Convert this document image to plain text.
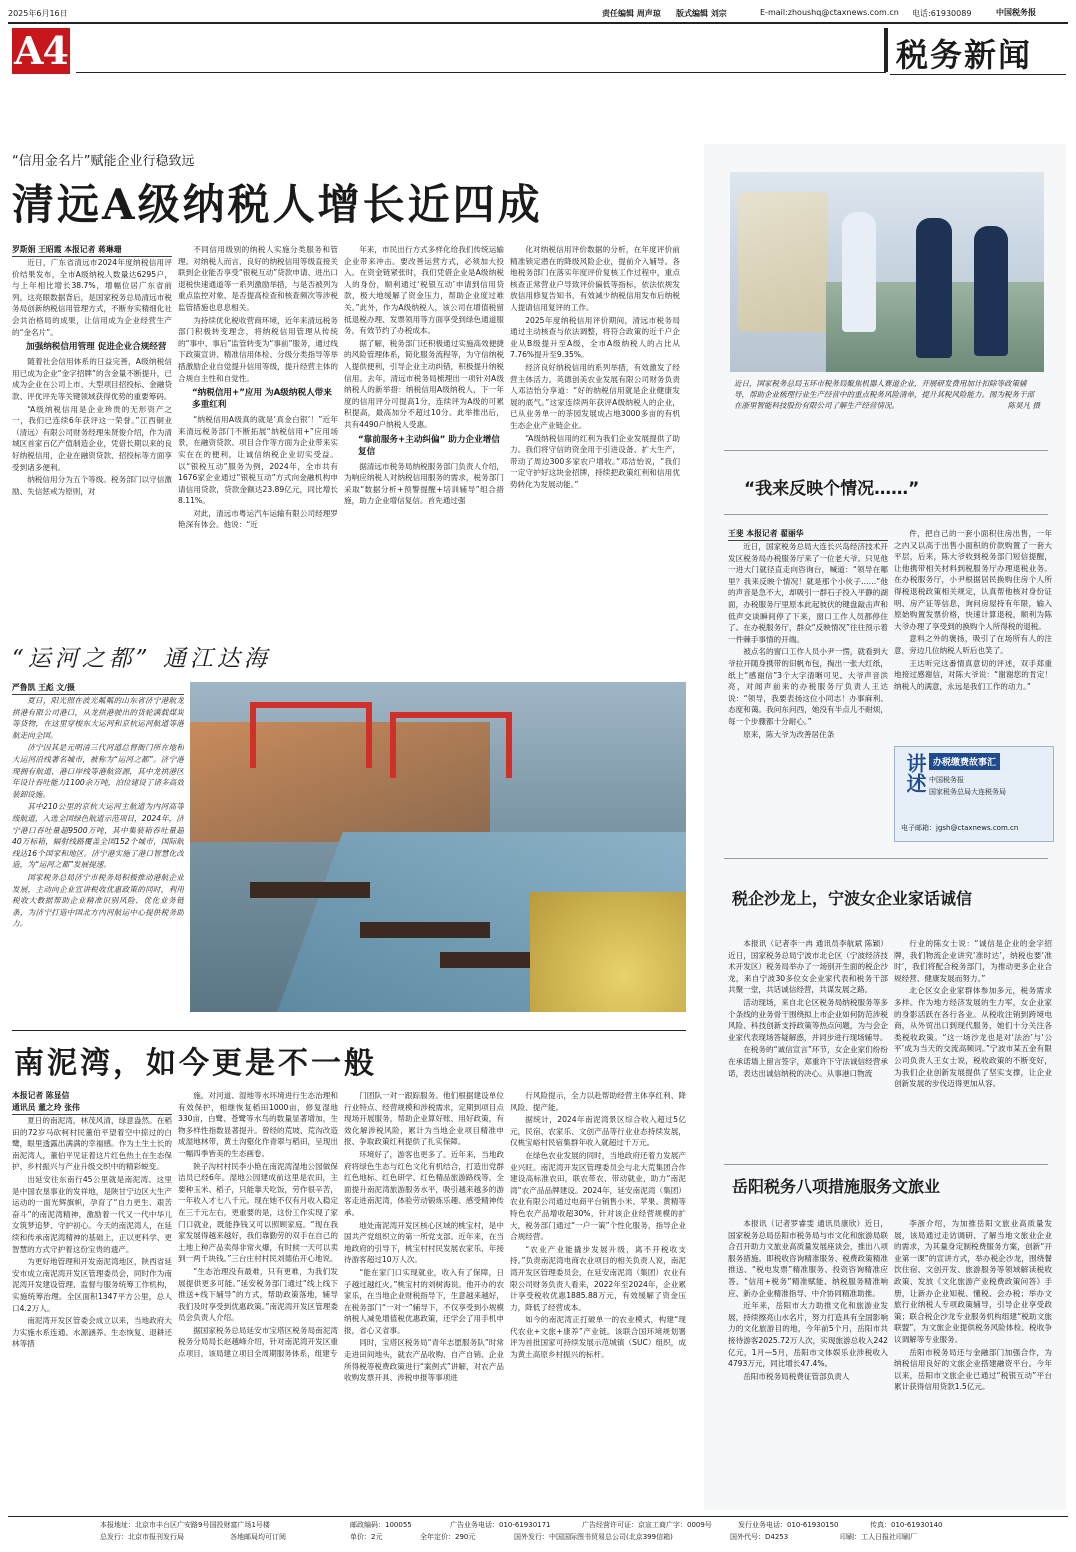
2025年6月16日	责任编辑 周声琼 版式编辑 刘宗	E-mail:zhoushq@ctaxnews.com.cn 电话:61930089	中国税务报
A4	税务新闻
“信用金名片”赋能企业行稳致远
清远A级纳税人增长近四成
罗斯娟 王昭霞 本报记者 蒋琳珊

近日，广东省清远市2024年度纳税信用评价结果发布，全市A级纳税人数量达6295户，与上年相比增长38.7%，增幅位居广东省前列。这亮眼数据背后，是国家税务总局清远市税务局创新纳税信用管理方式，不断夯实精细化社会共治格局的成果，让信用成为企业经营生产的“金名片”。

加强纳税信用管理 促进企业合规经营

随着社会信用体系的日益完善，A级纳税信用已成为企业“金字招牌”的含金量不断提升，已成为企业在公司上市、大型项目招投标、金融贷款、评优评先等关键领域获得优势的重要筹码。

“A级纳税信用是企业珍贵的无形资产之一，我们已连续6年获评这一荣誉。”江西铜业（清远）有限公司财务经理朱贤俊介绍，作为清城区首家百亿产值制造企业，凭借长期以来的良好纳税信用，企业在融资贷款、招投标等方面享受到诸多便利。

纳税信用分为五个等级。税务部门以守信激励、失信惩戒为原则，对

不同信用级别的纳税人实施分类服务和管理。对纳税人而言，良好的纳税信用等级直接关联到企业能否享受“银税互动”贷款申请、进出口退税快速通道等一系列激励举措，与是否被列为重点监控对象、是否提高检查和核查频次等涉税监管措施也息息相关。

为持续优化税收营商环境，近年来清远税务部门积极转变理念，将纳税信用管理从传统的“事中、事后”监管转变为“事前”服务，通过线下政策宣讲、精准信用体检、分级分类指导等举措激励企业自觉提升信用等级，提升经营主体的合规自主性和自觉性。

“纳税信用+”应用 为A级纳税人带来多重红利

“纳税信用A级真的就是‘真金白银’！”近年来清远税务部门不断拓展“纳税信用+”应用场景，在融资贷款、项目合作等方面为企业带来实实在在的便利，让诚信纳税企业切实受益。以“银税互动”服务为例，2024年，全市共有1676家企业通过“银税互动”方式向金融机构申请信用贷款，贷款金额达23.89亿元，同比增长8.11%。

对此，清远市粤运汽车运输有限公司经理罗艳深有体会。他说：“近

年来，市民出行方式多样化给我们传统运输企业带来冲击。要改善运营方式，必须加大投入。在资金链紧张时，我们凭借企业是A级纳税人的身份，顺利通过‘税银互动’申请到信用贷款，极大地缓解了资金压力，帮助企业度过难关。”此外，作为A级纳税人，该公司在增值税留抵退税办理、发票领用等方面享受到绿色通道服务，有效节约了办税成本。

据了解，税务部门还积极通过实施高效便捷的风险管理体系，简化服务流程等，为守信纳税人提供便利，引导企业主动纠错，积极提升纳税信用。去年，清远市税务局梳理出一项针对A级纳税人的新举措：纳税信用A级纳税人，下一年度的信用评分可提高1分，连续评为A级的可累积提高，最高加分不超过10分。此举推出后，共有4490户纳税人受惠。

“靠前服务+主动纠偏” 助力企业增信复信

据清远市税务局纳税服务部门负责人介绍，为响应纳税人对纳税信用服务的需求，税务部门采取“数据分析+预警提醒+培训辅导”组合措施，助力企业增信复信。首先通过强

化对纳税信用评价数据的分析，在年度评价前精准锁定潜在的降级风险企业，提前介入辅导。各地税务部门在落实年度评价复核工作过程中，重点核查正常营业户导致评价偏低等指标，依法依规发放信用修复告知书，有效减少纳税信用发布后纳税人提请信用复评的工作。

2025年度纳税信用评价期间，清远市税务局通过主动核查与依法调整，将符合政策的近千户企业从B级提升至A级，全市A级纳税人的占比从7.76%提升至9.35%。

经济良好纳税信用的系列举措，有效激发了经营主体活力。英德创美农业发展有限公司财务负责人邓洁怡分享道：“好的纳税信用就是企业健康发展的底气。”这家连续两年获评A级纳税人的企业，已从业务单一的茶园发展成占地3000多亩的有机生态企业产业链企业。

“A级纳税信用的红利为我们企业发展提供了助力。我们将守信的资金用于引进设备、扩大生产，带动了周边300多家农户增收。”邓洁怡说，“我们一定守护好这块金招牌，持续把政策红利和信用优势转化为发展动能。”

近日，国家税务总局玉环市税务局聚焦机器人赛道企业，开展研发费用加计扣除等政策辅导，帮助企业梳理行业生产经营中的重点税务风险清单，提升其税风险能力。图为税务干部在浙里智能科技股份有限公司了解生产经营情况。	陈昊凡 摄
“我来反映个情况……”
王斐 本报记者 翟丽华

近日，国家税务总局大连长兴岛经济技术开发区税务局办税服务厅来了一位老大爷。只见他一进大门就径直走向咨询台，喊道：“领导在哪里？我来反映个情况！就是那个小伙子……”他的声音是急不大，却吸引一群石子投入平静的湖面，办税服务厅里原本此起彼伏的键盘敲击声和低声交谈瞬间停了下来，窗口工作人员都停住了。在办税服务厅，群众“反映情况”往往预示着一件棘手事情的开端。

被点名的窗口工作人员小尹一愣，就看到大爷拉开随身携带的旧帆布包，掏出一张大红纸，纸上“感谢信”3个大字清晰可见。大爷声音洪亮，对闻声前来的办税服务厅负责人王达说：“领导，我要表扬这位小同志！办事麻利、态度和蔼。我问东问西，她没有半点儿不耐烦，每一个步骤都十分耐心。”

原来，陈大爷为改善居住条

件，把自己的一套小面积住房出售，一年之内又以高于出售小面积的价款购置了一套大平层，后来，陈大爷收到税务部门短信提醒，让他携带相关材料到税服务厅办理退税业务。在办税服务厅，小尹根据居民换购住房个人所得税退税政策相关规定，认真帮他核对身份证明、房产证等信息，询问房屋持有年限，输入原始购置发票价格，快速计算退税，顺利为陈大爷办理了享受到的换购个人所得税的退税。

意料之外的褒扬，吸引了在场所有人的注意，旁边几位纳税人听后也笑了。

王达听完这番情真意切的评述，双手郑重地接过感谢信，对陈大爷说：“谢谢您的肯定！纳税人的满意，永远是我们工作的动力。”

讲述 办税缴费故事汇
中国税务报
国家税务总局大连税务局
电子邮箱：jgsh@ctaxnews.com.cn
“运河之都” 通江达海
严鲁凯 王彪 文/摄

夏日，阳光照在波光粼粼的山东省济宁港航龙拱港有限公司港口，从龙拱港驶出的货轮满载煤炭等货物，在这里穿梭东大运河和京杭运河航道等港航走向全国。

济宁因其是元明清三代河道总督衙门所在地和大运河沿线著名城市，被称为“运河之都”。济宁港现拥有航道、港口岸线等港航资源，其中龙拱港区年设计吞吐能力1100余万吨，泊位建设了诸多高效装卸设施。

其中210公里的京杭大运河主航道为内河高等级航道，入选全国绿色航道示范项目，2024年，济宁港口吞吐量超9500万吨，其中集装箱吞吐量超40万标箱，辐射线路覆盖全国152个城市，国际航线达16个国家和地区。济宁港实施了港口智慧化改造，为“运河之都”发展提速。

国家税务总局济宁市税务局积极推动港航企业发展，主动向企业宣讲税收优惠政策的同时，利用税收大数据帮助企业精准识别风险、优化业务链条，为济宁打造中国北方内河航运中心提供税务助力。

税企沙龙上，宁波女企业家话诚信

本报讯（记者李一冉 通讯员李航斌 陈颖）近日，国家税务总局宁波市北仑区（宁波经济技术开发区）税务局举办了一场别开生面的税企沙龙，来自宁波30多位女企业家代表和税务干部共聚一堂，共话诚信经营，共谋发展之路。

活动现场，来自北仑区税务局纳税服务等多个条线的业务骨干围绕拟上市企业如何防范涉税风险、科技创新支持政策等热点问题，为与会企业家代表现场答疑解惑，并同步进行现场辅导。

在税务的“诚信宣言”环节，女企业家们纷纷在承诺墙上留言签字，郑重许下守法诚信经营承诺，表达出诚信纳税的决心。从事港口物流

行业的陈女士说：“诚信是企业的金字招牌，我们物流企业讲究‘准时达’，纳税也要‘准时’，我们将配合税务部门，为推动更多企业合规经营、健康发展而努力。”

北仑区女企业家群体参加多元，税务需求多样。作为地方经济发展的生力军，女企业家的身影活跃在各行各业。从税收注销到跨境电商，从外贸出口到现代服务，她们十分关注各类税收政策。“这一场沙龙也是对‘法治’与‘公平’成为当天的交流高频词。”宁波市某五金有限公司负责人王女士说，税收政策的不断变好，为我们企业创新发展提供了坚实支撑，让企业创新发展的步伐迈得更加从容。

南泥湾，如今更是不一般
本报记者 陈显信
通讯员 董之玲 张伟

夏日的南泥湾，林茂风清，绿意盎然。在稻田的72岁马砍柯村民董伯平望着空中掠过的白鹭，眼里透露出满满的幸福感。作为土生土长的南泥湾人，董伯平见证着这片红色热土在生态保护、乡村振兴与产业升级交织中的精彩蜕变。

出延安往东南行45公里就是南泥湾。这里是中国农垦事业的发祥地，是陕甘宁边区大生产运动的一面光辉旗帜，孕育了“自力更生、艰苦奋斗”的南泥湾精神，激励着一代又一代中华儿女筑梦追梦、守护初心。今天的南泥湾人，在延续和传承南泥湾精神的基础上，正以更科学、更智慧的方式守护着这份宝贵的遗产。

为更好地管理和开发南泥湾地区，陕西省延安市成立南泥湾开发区管理委员会，同时作为南泥湾开发建设管理、监督与服务统筹工作机构，实施统筹治理。全区面积1347平方公里，总人口4.2万人。

南泥湾开发区管委会成立以来，当地政府大力实施水系连通、水源涵养、生态恢复、退耕还林等措

施。对河道、湿地等水环境进行生态治理和有效保护，相继恢复稻田1000亩，修复湿地330亩，白鹭、苍鹭等水鸟的数量显著增加，生物多样性指数显著提升。曾经的荒坡、荒沟改造成湿地林带，黄土沟壑化作青翠与稻田，呈现出一幅四季皆美的生态画卷。

陕子沟村村民李小艳在南泥湾湿地公园做保洁员已经6年。湿地公园建成前这里是农田，主要种玉米、稻子，只能靠天吃饭，劳作很辛苦，一年收入才七八千元。现在她不仅有月收入稳定在三千元左右，更重要的是，这份工作实现了家门口就业，既能挣钱又可以照顾家庭。“现在我家发展得越来越好，我们靠勤劳的双手在自己的土地上种产品卖得非常火爆，有时候一天可以卖到一两千块钱。”三台庄村村民刘德佑开心地说。

“生态治理没有最难，只有更难，为我们发展提供更多可能。”延安税务部门通过“线上线下推送+线下辅导”的方式，帮助政策落地，辅导我们及时享受到优惠政策。”南泥湾开发区管理委员会负责人介绍。

据国家税务总局延安市宝塔区税务局南泥湾税务分局局长赵越峰介绍，针对南泥湾开发区重点项目，该局建立项目全周期服务体系，组建专

门团队一对一跟踪服务。他们根据建设单位行业特点、经营规模和涉税需求，定期到项目点现场开展服务，帮助企业算好账、用好政策，有效化解涉税风险，累计为当地企业项目精准申报、争取政策红利提供了扎实保障。

环境好了，游客也更多了。近年来，当地政府将绿色生态与红色文化有机结合，打造出党群红色地标、红色研学、红色精品旅游路线等，全面提升南泥湾旅游服务水平，吸引越来越多的游客走进南泥湾，体验劳动锻炼乐趣、感受精神传承。

地处南泥湾开发区核心区域的桃宝村，是中国共产党组织立的第一所党支部。近年来，在当地政府的引导下，桃宝村村民发展农家乐，年接待游客超过10万人次。

“能在家门口实现就业，收入有了保障，日子越过越红火。”桃宝村的刘树海说。他开办的农家乐，在当地企业财税指导下，生意越来越好，在税务部门“一对一”辅导下，不仅享受到小规模纳税人减免增值税优惠政策，还学会了用手机申报，省心又省事。

同时，宝塔区税务局“青年志愿服务队”时常走进田间地头，就农产品收购、自产自销、企业所得税等税费政策进行“案例式”讲解，对农产品收购发票开具、涉税申报等事项进

行风险提示，全力以赴帮助经营主体享红利、降风险、提产能。

据统计，2024年南泥湾景区综合收入超过5亿元，民宿、农家乐、文创产品等行业业态持续发展，仅桃宝峪村民宿集群年收入就超过千万元。

在绿色农业发展的同时，当地政府还着力发展产业兴旺。南泥湾开发区管理委员会与北大荒集团合作建设高标准农田，联农带农、带动就业，助力“南泥湾”农产品品牌建设。2024年，延安南泥湾（集团）农业有限公司通过电商平台销售小米、苹果、黄精等特色农产品增收超30%，针对该企业经营规模的扩大，税务部门通过“一户一策”个性化服务，指导企业合规经营。

“农业产业能撬步发展升级，离不开税收支持。”负责南泥湾电商农业项目的相关负责人说，南泥湾开发区管理委员会，在延安南泥湾（集团）农业有限公司财务负责人看来，2022年至2024年，企业累计享受税收优惠1885.88万元，有效缓解了资金压力，降低了经营成本。

如今的南泥湾正打破单一的农业模式，构建“现代农业+文旅+康养”产业链。该联合国环境规划署评为首批国家可持续发展示范城镇（SUC）组织，成为黄土高原乡村振兴的标杆。

岳阳税务八项措施服务文旅业

本报讯（记者罗睿雯 通讯员康欣）近日，国家税务总局岳阳市税务局与市文化和旅游局联合召开助力文旅业高质量发展座谈会，推出八项服务措施。即税收咨询精准服务、税费政策精准推送、“税电发票”精准服务、投资咨询精准应答、“信用+税务”精准赋能、纳税服务精准响应、新办企业精准指导、中介协同精准助推。

近年来，岳阳市大力助推文化和旅游业发展，持续擦亮山水名片，努力打造具有全国影响力的文化旅游目的地，今年前5个月，岳阳市共接待游客2025.72万人次，实现旅游总收入242亿元，1月—5月，岳阳市文体娱乐业涉税收入4793万元，同比增长47.4%。

岳阳市税务局税费征管部负责人

李浙介绍，为加推岳阳文旅业高质量发展，该局通过走访调研、了解当地文旅业企业的需求，为其量身定制税费服务方案，创新“开业第一课”的宣讲方式，举办税企沙龙，围绕餐饮住宿、文创开发、旅游服务等领域解读税收政策、发放《文化旅游产业税费政策问答》手册，让新办企业知税、懂税、会办税；举办文旅行业纳税人专项政策辅导，引导企业享受政策；联合税企沙龙专业服务机构组建“税助文旅联盟”，为文旅企业提供税务风险体检、税收争议调解等专业服务。

岳阳市税务局还与金融部门加强合作，为纳税信用良好的文旅企业搭建融资平台。今年以来，岳阳市文旅企业已通过“税银互动”平台累计获得信用贷款1.5亿元。

本报地址：北京市丰台区广安路9号国投财富广场1号楼	邮政编码：100055	广告业务电话：010-61930171	广告经营许可证：京宣工商广字：0009号	发行业务电话：010-61930150	传真：010-61930140
总发行：北京市报刊发行局	各地邮局均可订阅	单价：2元	全年定价：290元	国外发行：中国国际图书贸易总公司(北京399信箱)	国外代号：D4253	印刷：工人日报社印刷厂
